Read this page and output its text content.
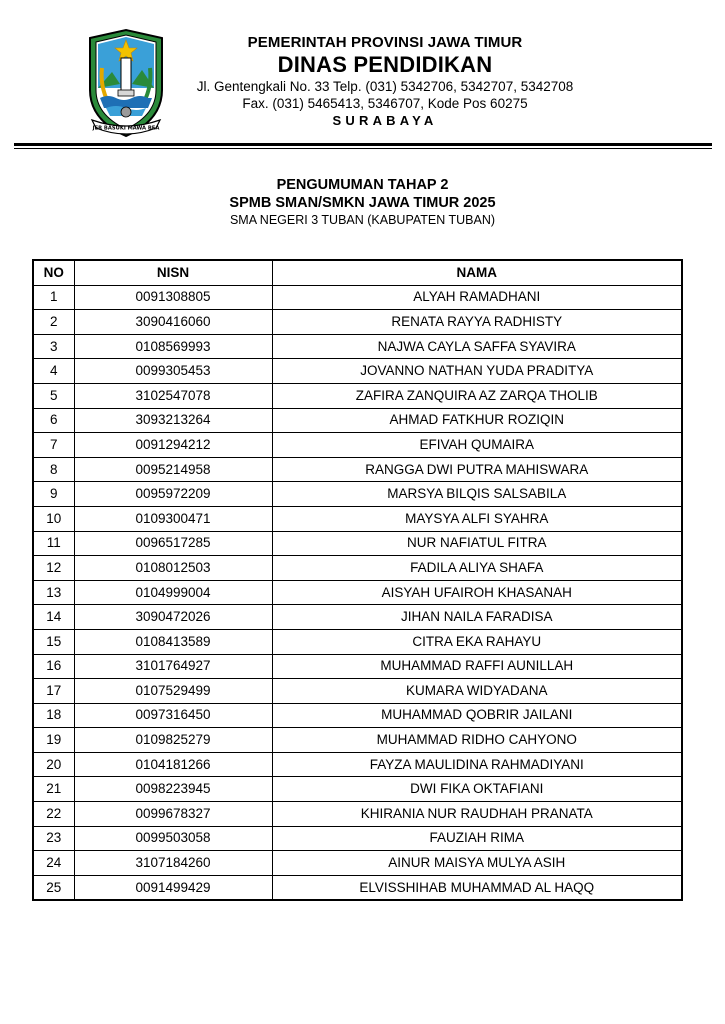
JER BASUKI MAWA BEA
PEMERINTAH PROVINSI JAWA TIMUR
DINAS PENDIDIKAN
Jl. Gentengkali No. 33 Telp. (031) 5342706, 5342707, 5342708
Fax. (031) 5465413, 5346707, Kode Pos 60275
SURABAYA
PENGUMUMAN TAHAP 2
SPMB SMAN/SMKN JAWA TIMUR 2025
SMA NEGERI 3 TUBAN (KABUPATEN TUBAN)
NO	NISN	NAMA
1	0091308805	ALYAH RAMADHANI
2	3090416060	RENATA RAYYA RADHISTY
3	0108569993	NAJWA CAYLA SAFFA SYAVIRA
4	0099305453	JOVANNO NATHAN YUDA PRADITYA
5	3102547078	ZAFIRA ZANQUIRA AZ ZARQA THOLIB
6	3093213264	AHMAD FATKHUR ROZIQIN
7	0091294212	EFIVAH QUMAIRA
8	0095214958	RANGGA DWI PUTRA MAHISWARA
9	0095972209	MARSYA BILQIS SALSABILA
10	0109300471	MAYSYA ALFI SYAHRA
11	0096517285	NUR NAFIATUL FITRA
12	0108012503	FADILA ALIYA SHAFA
13	0104999004	AISYAH UFAIROH KHASANAH
14	3090472026	JIHAN NAILA FARADISA
15	0108413589	CITRA EKA RAHAYU
16	3101764927	MUHAMMAD RAFFI AUNILLAH
17	0107529499	KUMARA WIDYADANA
18	0097316450	MUHAMMAD QOBRIR JAILANI
19	0109825279	MUHAMMAD RIDHO CAHYONO
20	0104181266	FAYZA MAULIDINA RAHMADIYANI
21	0098223945	DWI FIKA OKTAFIANI
22	0099678327	KHIRANIA NUR RAUDHAH PRANATA
23	0099503058	FAUZIAH RIMA
24	3107184260	AINUR MAISYA MULYA ASIH
25	0091499429	ELVISSHIHAB MUHAMMAD AL HAQQ
